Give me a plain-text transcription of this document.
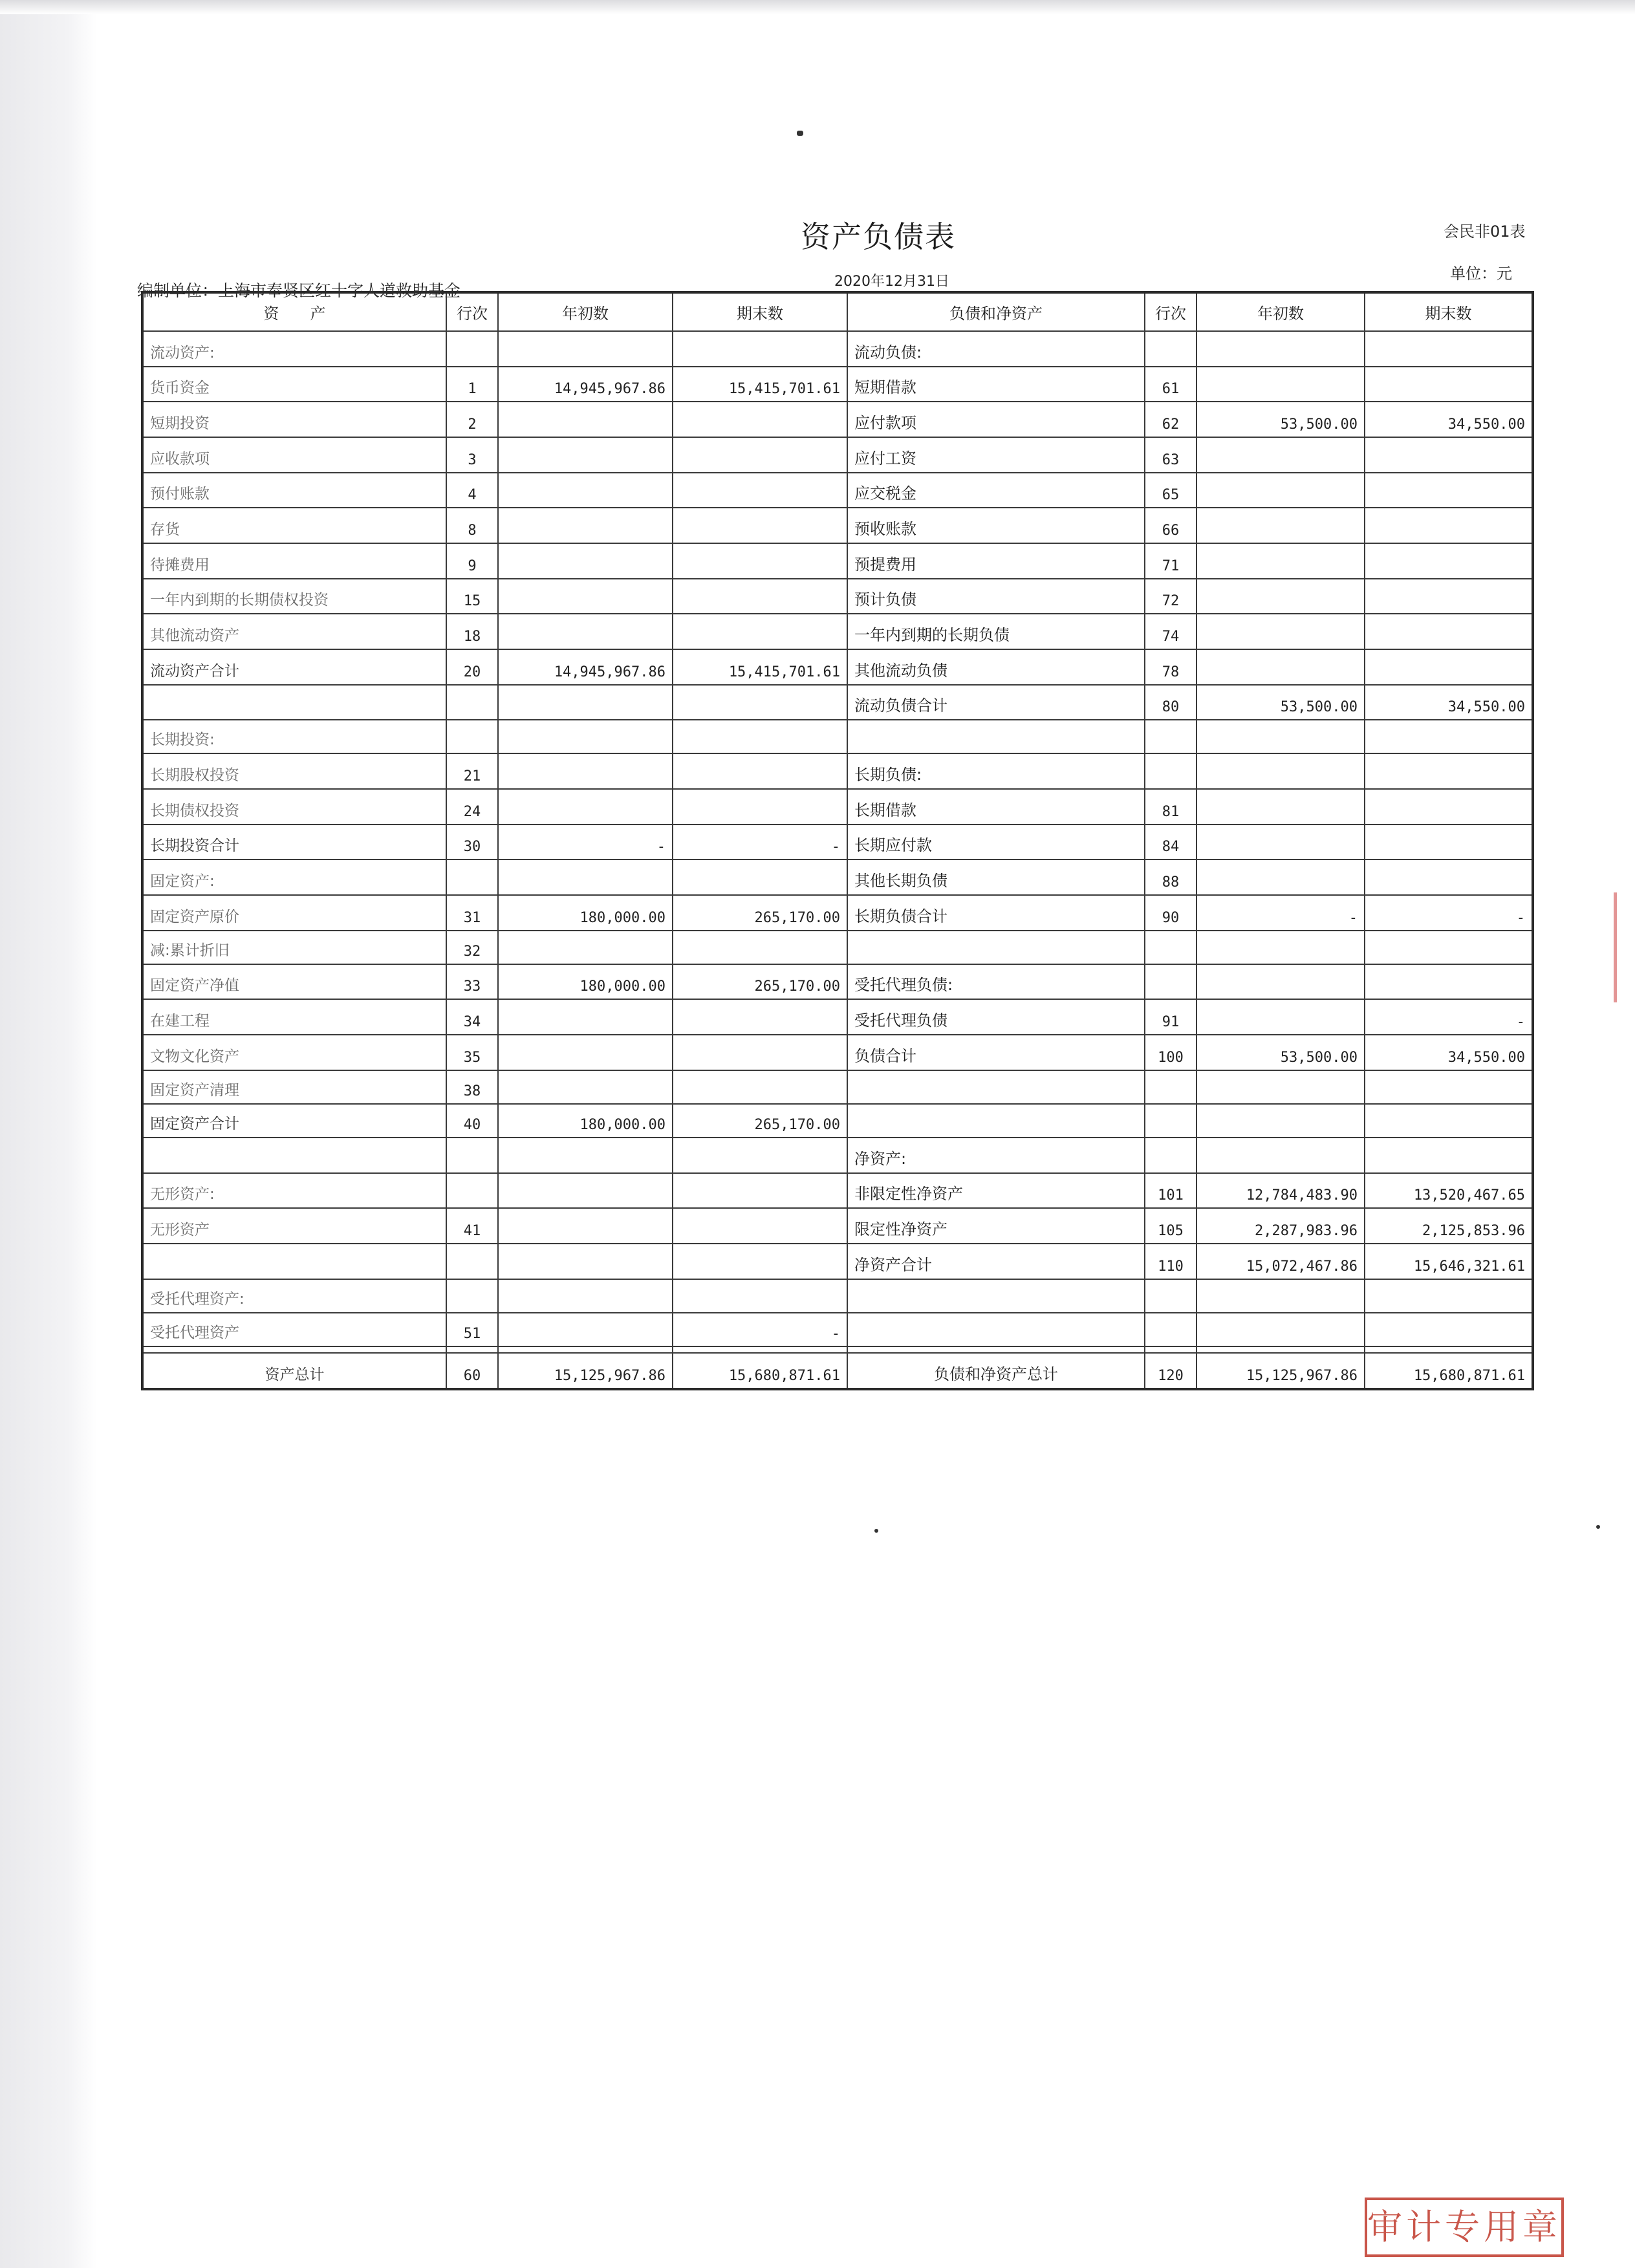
资产负债表	会民非01表
单位：元
2020年12月31日
编制单位：上海市奉贤区红十字人道救助基金
资　　产	行次	年初数	期末数	负债和净资产	行次	年初数	期末数
流动资产:				流动负债:			
货币资金	1	14,945,967.86	15,415,701.61	短期借款	61		
短期投资	2			应付款项	62	53,500.00	34,550.00
应收款项	3			应付工资	63		
预付账款	4			应交税金	65		
存货	8			预收账款	66		
待摊费用	9			预提费用	71		
一年内到期的长期债权投资	15			预计负债	72		
其他流动资产	18			一年内到期的长期负债	74		
流动资产合计	20	14,945,967.86	15,415,701.61	其他流动负债	78		
				流动负债合计	80	53,500.00	34,550.00
长期投资:							
长期股权投资	21			长期负债:			
长期债权投资	24			长期借款	81		
长期投资合计	30	-	-	长期应付款	84		
固定资产:				其他长期负债	88		
固定资产原价	31	180,000.00	265,170.00	长期负债合计	90	-	-
减:累计折旧	32						
固定资产净值	33	180,000.00	265,170.00	受托代理负债:			
在建工程	34			受托代理负债	91		-
文物文化资产	35			负债合计	100	53,500.00	34,550.00
固定资产清理	38						
固定资产合计	40	180,000.00	265,170.00				
				净资产:			
无形资产:				非限定性净资产	101	12,784,483.90	13,520,467.65
无形资产	41			限定性净资产	105	2,287,983.96	2,125,853.96
				净资产合计	110	15,072,467.86	15,646,321.61
受托代理资产:							
受托代理资产	51		-				

资产总计	60	15,125,967.86	15,680,871.61	负债和净资产总计	120	15,125,967.86	15,680,871.61
审计专用章
